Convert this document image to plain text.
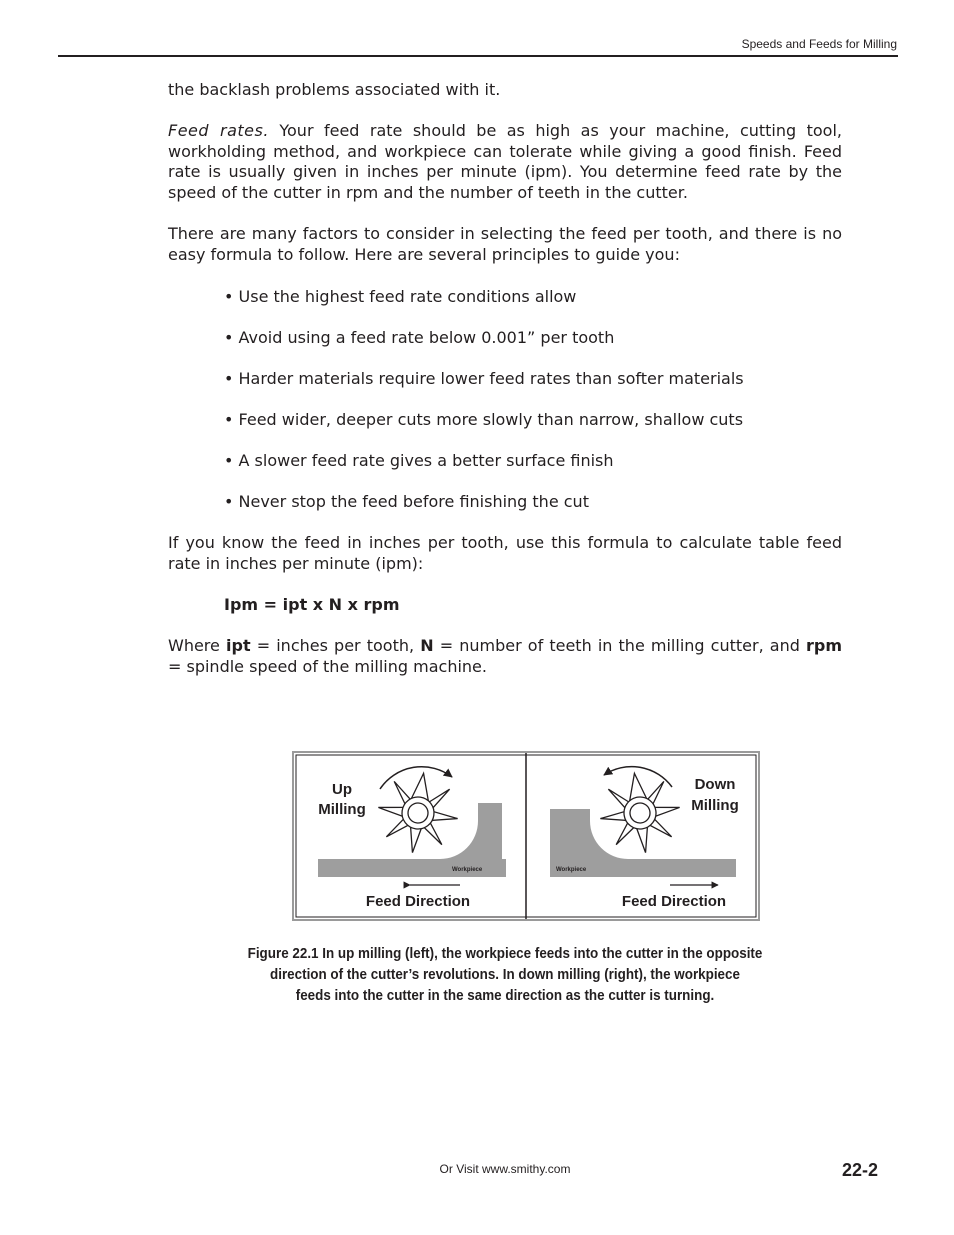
Speeds and Feeds for Milling
the backlash problems associated with it.
Feed rates. Your feed rate should be as high as your machine, cutting tool, workholding method, and workpiece can tolerate while giving a good finish. Feed rate is usually given in inches per minute (ipm). You determine feed rate by the speed of the cutter in rpm and the number of teeth in the cutter.
There are many factors to consider in selecting the feed per tooth, and there is no easy formula to follow. Here are several principles to guide you:
• Use the highest feed rate conditions allow
• Avoid using a feed rate below 0.001” per tooth
• Harder materials require lower feed rates than softer materials
• Feed wider, deeper cuts more slowly than narrow, shallow cuts
• A slower feed rate gives a better surface finish
• Never stop the feed before finishing the cut
If you know the feed in inches per tooth, use this formula to calculate table feed rate in inches per minute (ipm):
Ipm = ipt x N x rpm
Where ipt = inches per tooth, N = number of teeth in the milling cutter, and rpm = spindle speed of the milling machine.
Workpiece
Up
Milling
Feed Direction
Workpiece
Down
Milling
Feed Direction
Figure 22.1 In up milling (left), the workpiece feeds into the cutter in the opposite
direction of the cutter’s revolutions. In down milling (right), the workpiece
feeds into the cutter in the same direction as the cutter is turning.
Or Visit www.smithy.com	22-2
